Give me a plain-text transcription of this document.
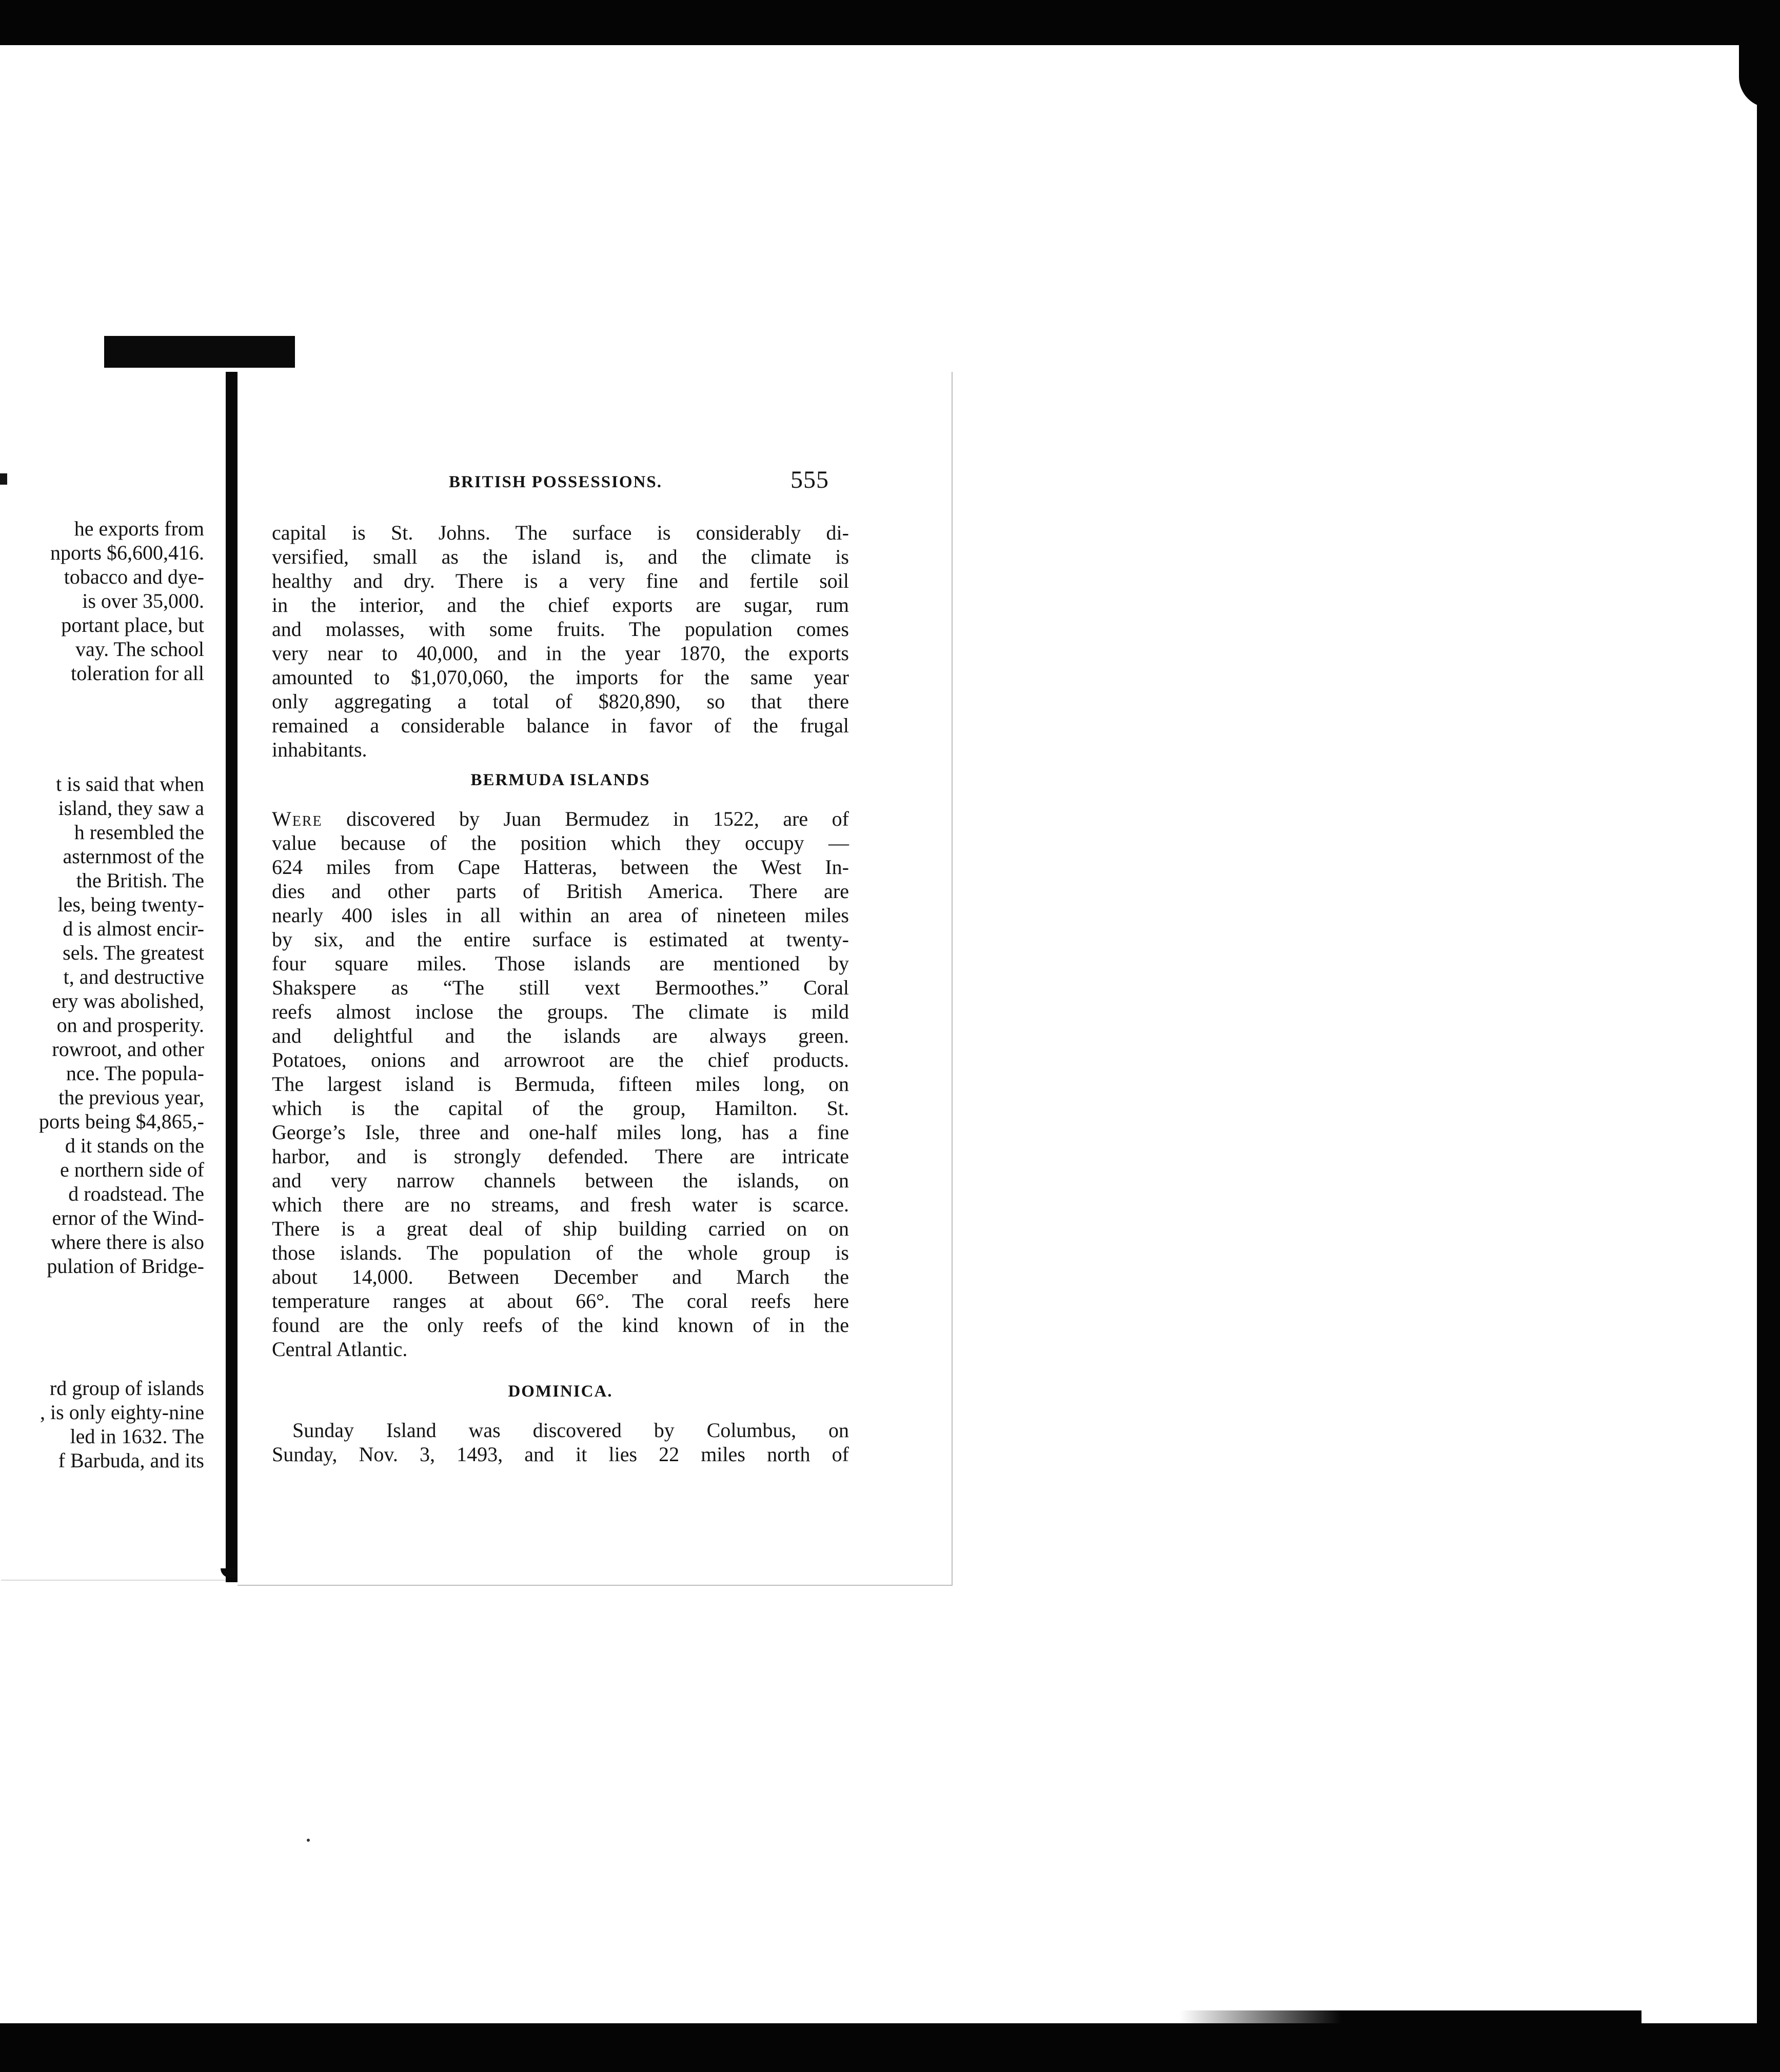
he exports from
nports $6,600,416.
tobacco and dye-
is over 35,000.
portant place, but
vay. The school
toleration for all
t is said that when
island, they saw a
h resembled the
asternmost of the
the British. The
les, being twenty-
d is almost encir-
sels. The greatest
t, and destructive
ery was abolished,
on and prosperity.
rowroot, and other
nce. The popula-
the previous year,
ports being $4,865,-
d it stands on the
e northern side of
d roadstead. The
ernor of the Wind-
where there is also
pulation of Bridge-
rd group of islands
, is only eighty-nine
led in 1632. The
f Barbuda, and its
BRITISH POSSESSIONS.	555
capital is St. Johns. The surface is considerably di-
versified, small as the island is, and the climate is
healthy and dry. There is a very fine and fertile soil
in the interior, and the chief exports are sugar, rum
and molasses, with some fruits. The population comes
very near to 40,000, and in the year 1870, the exports
amounted to $1,070,060, the imports for the same year
only aggregating a total of $820,890, so that there
remained a considerable balance in favor of the frugal
inhabitants.
BERMUDA ISLANDS
Were discovered by Juan Bermudez in 1522, are of
value because of the position which they occupy —
624 miles from Cape Hatteras, between the West In-
dies and other parts of British America. There are
nearly 400 isles in all within an area of nineteen miles
by six, and the entire surface is estimated at twenty-
four square miles. Those islands are mentioned by
Shakspere as “The still vext Bermoothes.” Coral
reefs almost inclose the groups. The climate is mild
and delightful and the islands are always green.
Potatoes, onions and arrowroot are the chief products.
The largest island is Bermuda, fifteen miles long, on
which is the capital of the group, Hamilton. St.
George’s Isle, three and one-half miles long, has a fine
harbor, and is strongly defended. There are intricate
and very narrow channels between the islands, on
which there are no streams, and fresh water is scarce.
There is a great deal of ship building carried on on
those islands. The population of the whole group is
about 14,000. Between December and March the
temperature ranges at about 66°. The coral reefs here
found are the only reefs of the kind known of in the
Central Atlantic.
DOMINICA.
Sunday Island was discovered by Columbus, on
Sunday, Nov. 3, 1493, and it lies 22 miles north of
